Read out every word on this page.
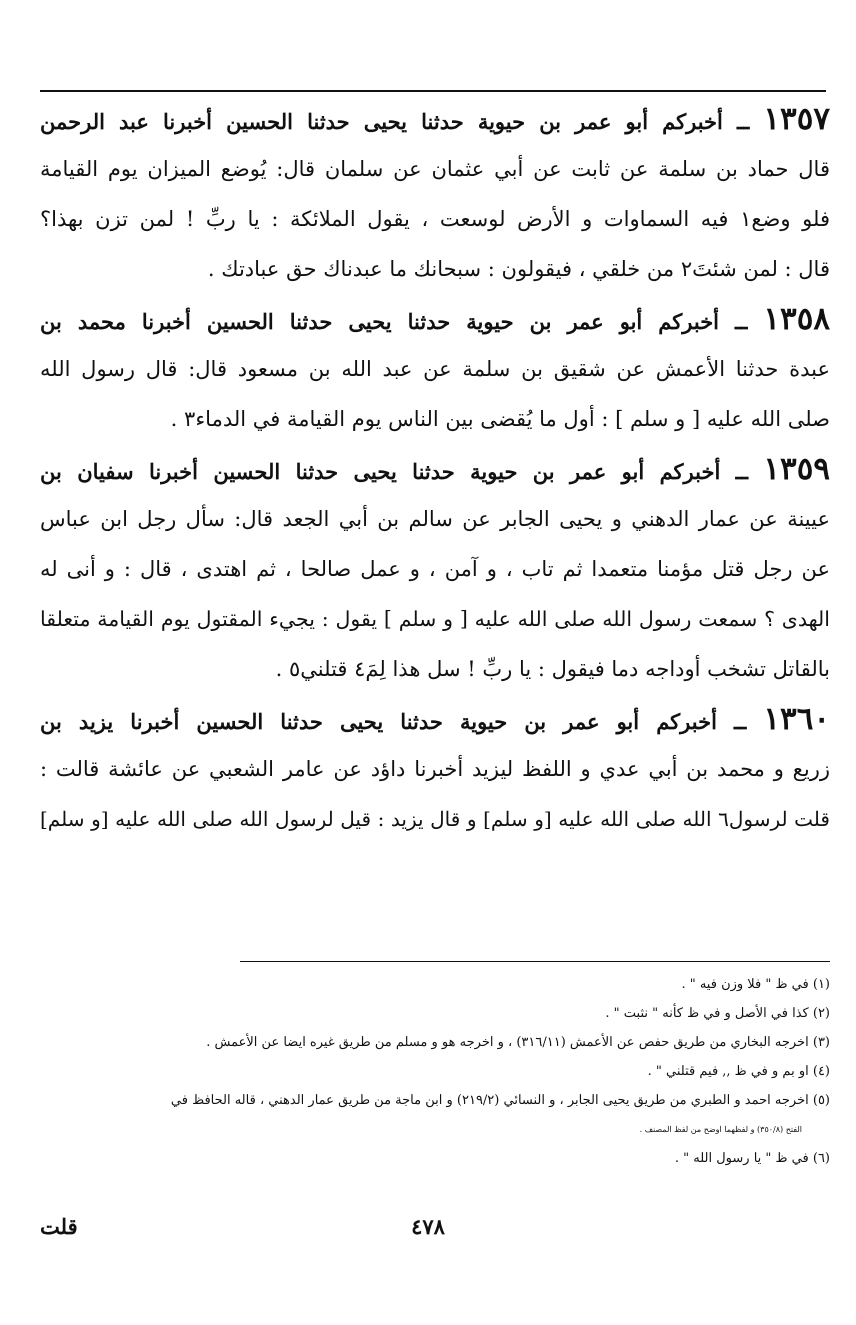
١٣٥٧ ــ أخبركم أبو عمر بن حيوية حدثنا يحيى حدثنا الحسين أخبرنا عبد الرحمن
قال حماد بن سلمة عن ثابت عن أبي عثمان عن سلمان قال: يُوضع الميزان يوم القيامة
فلو وضع١ فيه السماوات و الأرض لوسعت ، يقول الملائكة : يا ربِّ ! لمن تزن بهذا؟
قال : لمن شئتَ٢ من خلقي ، فيقولون : سبحانك ما عبدناك حق عبادتك .
١٣٥٨ ــ أخبركم أبو عمر بن حيوية حدثنا يحيى حدثنا الحسين أخبرنا محمد بن
عبدة حدثنا الأعمش عن شقيق بن سلمة عن عبد الله بن مسعود قال: قال رسول الله
صلى الله عليه [ و سلم ] : أول ما يُقضى بين الناس يوم القيامة في الدماء٣ .
١٣٥٩ ــ أخبركم أبو عمر بن حيوية حدثنا يحيى حدثنا الحسين أخبرنا سفيان بن
عيينة عن عمار الدهني و يحيى الجابر عن سالم بن أبي الجعد قال: سأل رجل ابن عباس
عن رجل قتل مؤمنا متعمدا ثم تاب ، و آمن ، و عمل صالحا ، ثم اهتدى ، قال : و أنى له
الهدى ؟ سمعت رسول الله صلى الله عليه [ و سلم ] يقول : يجيء المقتول يوم القيامة متعلقا
بالقاتل تشخب أوداجه دما فيقول : يا ربِّ ! سل هذا لِمَ٤ قتلني٥ .
١٣٦٠ ــ أخبركم أبو عمر بن حيوية حدثنا يحيى حدثنا الحسين أخبرنا يزيد بن
زريع و محمد بن أبي عدي و اللفظ ليزيد أخبرنا داؤد عن عامر الشعبي عن عائشة قالت :
قلت لرسول٦ الله صلى الله عليه [و سلم] و قال يزيد : قيل لرسول الله صلى الله عليه [و سلم]
(١) في ظ " فلا وزن فيه " .
(٢) كذا في الأصل و في ظ كأنه " نثبت " .
(٣) اخرجه البخاري من طريق حفص عن الأعمش (٣١٦/١١) ، و اخرجه هو و مسلم من طريق غيره ايضا عن الأعمش .
(٤) او بم و في ظ ,, فيم قتلني " .
(٥) اخرجه احمد و الطبري من طريق يحيى الجابر ، و النسائي (٢١٩/٢) و ابن ماجة من طريق عمار الدهني ، قاله الحافظ في
الفتح (٣٥٠/٨) و لفظهما اوضح من لفظ المصنف .
(٦) في ظ " يا رسول الله " .
٤٧٨
قلت
